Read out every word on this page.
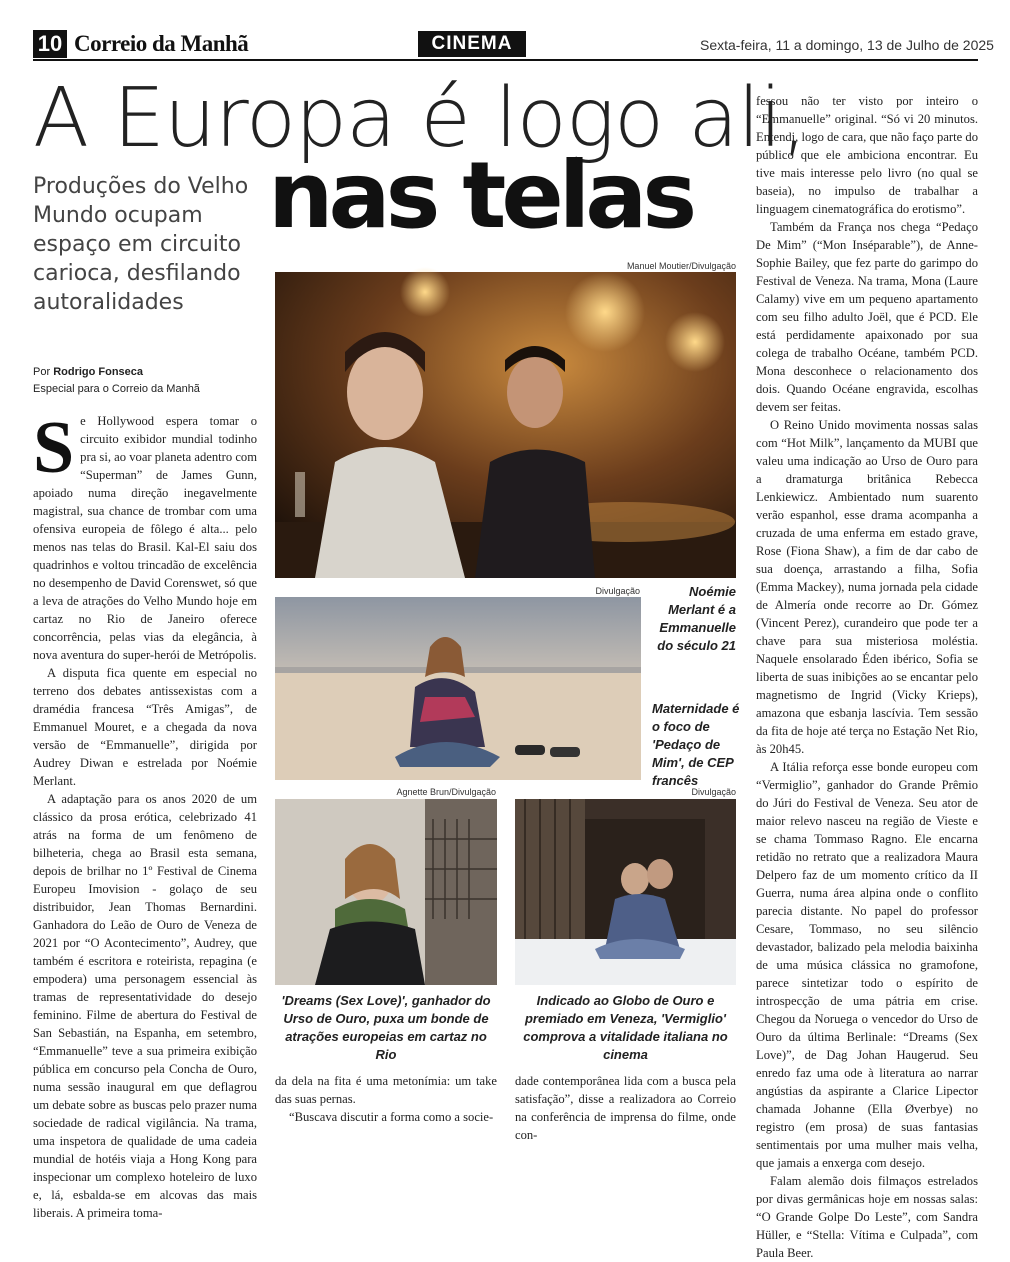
10 Correio da Manhã	CINEMA	Sexta-feira, 11 a domingo, 13 de Julho de 2025
A Europa é logo ali,
nas telas
Produções do Velho Mundo ocupam espaço em circuito carioca, desfilando autoralidades
Por Rodrigo Fonseca
Especial para o Correio da Manhã

Se Hollywood espera tomar o circuito exibidor mundial todinho pra si, ao voar planeta adentro com “Superman” de James Gunn, apoiado numa direção inegavelmente magistral, sua chance de trombar com uma ofensiva europeia de fôlego é alta... pelo menos nas telas do Brasil. Kal-El saiu dos quadrinhos e voltou trincadão de excelência no desempenho de David Corenswet, só que a leva de atrações do Velho Mundo hoje em cartaz no Rio de Janeiro oferece concorrência, pelas vias da elegância, à nova aventura do super-herói de Metrópolis.

A disputa fica quente em especial no terreno dos debates antissexistas com a dramédia francesa “Três Amigas”, de Emmanuel Mouret, e a chegada da nova versão de “Emmanuelle”, dirigida por Audrey Diwan e estrelada por Noémie Merlant.

A adaptação para os anos 2020 de um clássico da prosa erótica, celebrizado 41 atrás na forma de um fenômeno de bilheteria, chega ao Brasil esta semana, depois de brilhar no 1º Festival de Cinema Europeu Imovision - golaço de seu distribuidor, Jean Thomas Bernardini. Ganhadora do Leão de Ouro de Veneza de 2021 por “O Acontecimento”, Audrey, que também é escritora e roteirista, repagina (e empodera) uma personagem essencial às tramas de representatividade do desejo feminino. Filme de abertura do Festival de San Sebastián, na Espanha, em setembro, “Emmanuelle” teve a sua primeira exibição pública em concurso pela Concha de Ouro, numa sessão inaugural em que deflagrou um debate sobre as buscas pelo prazer numa sociedade de radical vigilância. Na trama, uma inspetora de qualidade de uma cadeia mundial de hotéis viaja a Hong Kong para inspecionar um complexo hoteleiro de luxo e, lá, esbalda-se em alcovas das mais liberais. A primeira toma-

Manuel Moutier/Divulgação
Noémie Merlant é a Emmanuelle do século 21
Divulgação
Maternidade é o foco de 'Pedaço de Mim', de CEP francês
Agnette Brun/Divulgação	Divulgação
'Dreams (Sex Love)', ganhador do Urso de Ouro, puxa um bonde de atrações europeias em cartaz no Rio
Indicado ao Globo de Ouro e premiado em Veneza, 'Vermiglio' comprova a vitalidade italiana no cinema

da dela na fita é uma metonímia: um take das suas pernas.

“Buscava discutir a forma como a socie-

dade contemporânea lida com a busca pela satisfação”, disse a realizadora ao Correio na conferência de imprensa do filme, onde con-

fessou não ter visto por inteiro o “Emmanuelle” original. “Só vi 20 minutos. Entendi, logo de cara, que não faço parte do público que ele ambiciona encontrar. Eu tive mais interesse pelo livro (no qual se baseia), no impulso de trabalhar a linguagem cinematográfica do erotismo”.

Também da França nos chega “Pedaço De Mim” (“Mon Inséparable”), de Anne-Sophie Bailey, que fez parte do garimpo do Festival de Veneza. Na trama, Mona (Laure Calamy) vive em um pequeno apartamento com seu filho adulto Joël, que é PCD. Ele está perdidamente apaixonado por sua colega de trabalho Océane, também PCD. Mona desconhece o relacionamento dos dois. Quando Océane engravida, escolhas devem ser feitas.

O Reino Unido movimenta nossas salas com “Hot Milk”, lançamento da MUBI que valeu uma indicação ao Urso de Ouro para a dramaturga britânica Rebecca Lenkiewicz. Ambientado num suarento verão espanhol, esse drama acompanha a cruzada de uma enferma em estado grave, Rose (Fiona Shaw), a fim de dar cabo de sua doença, arrastando a filha, Sofia (Emma Mackey), numa jornada pela cidade de Almería onde recorre ao Dr. Gómez (Vincent Perez), curandeiro que pode ter a chave para sua misteriosa moléstia. Naquele ensolarado Éden ibérico, Sofia se liberta de suas inibições ao se encantar pelo magnetismo de Ingrid (Vicky Krieps), amazona que esbanja lascívia. Tem sessão da fita de hoje até terça no Estação Net Rio, às 20h45.

A Itália reforça esse bonde europeu com “Vermiglio”, ganhador do Grande Prêmio do Júri do Festival de Veneza. Seu ator de maior relevo nasceu na região de Vieste e se chama Tommaso Ragno. Ele encarna retidão no retrato que a realizadora Maura Delpero faz de um momento crítico da II Guerra, numa área alpina onde o conflito parecia distante. No papel do professor Cesare, Tommaso, no seu silêncio devastador, balizado pela melodia baixinha de uma música clássica no gramofone, parece sintetizar todo o espírito de introspecção de uma pátria em crise. Chegou da Noruega o vencedor do Urso de Ouro da última Berlinale: “Dreams (Sex Love)”, de Dag Johan Haugerud. Seu enredo faz uma ode à literatura ao narrar angústias da aspirante a Clarice Lipector chamada Johanne (Ella Øverbye) no registro (em prosa) de suas fantasias sentimentais por uma mulher mais velha, que jamais a enxerga com desejo.

Falam alemão dois filmaços estrelados por divas germânicas hoje em nossas salas: “O Grande Golpe Do Leste”, com Sandra Hüller, e “Stella: Vítima e Culpada”, com Paula Beer.
